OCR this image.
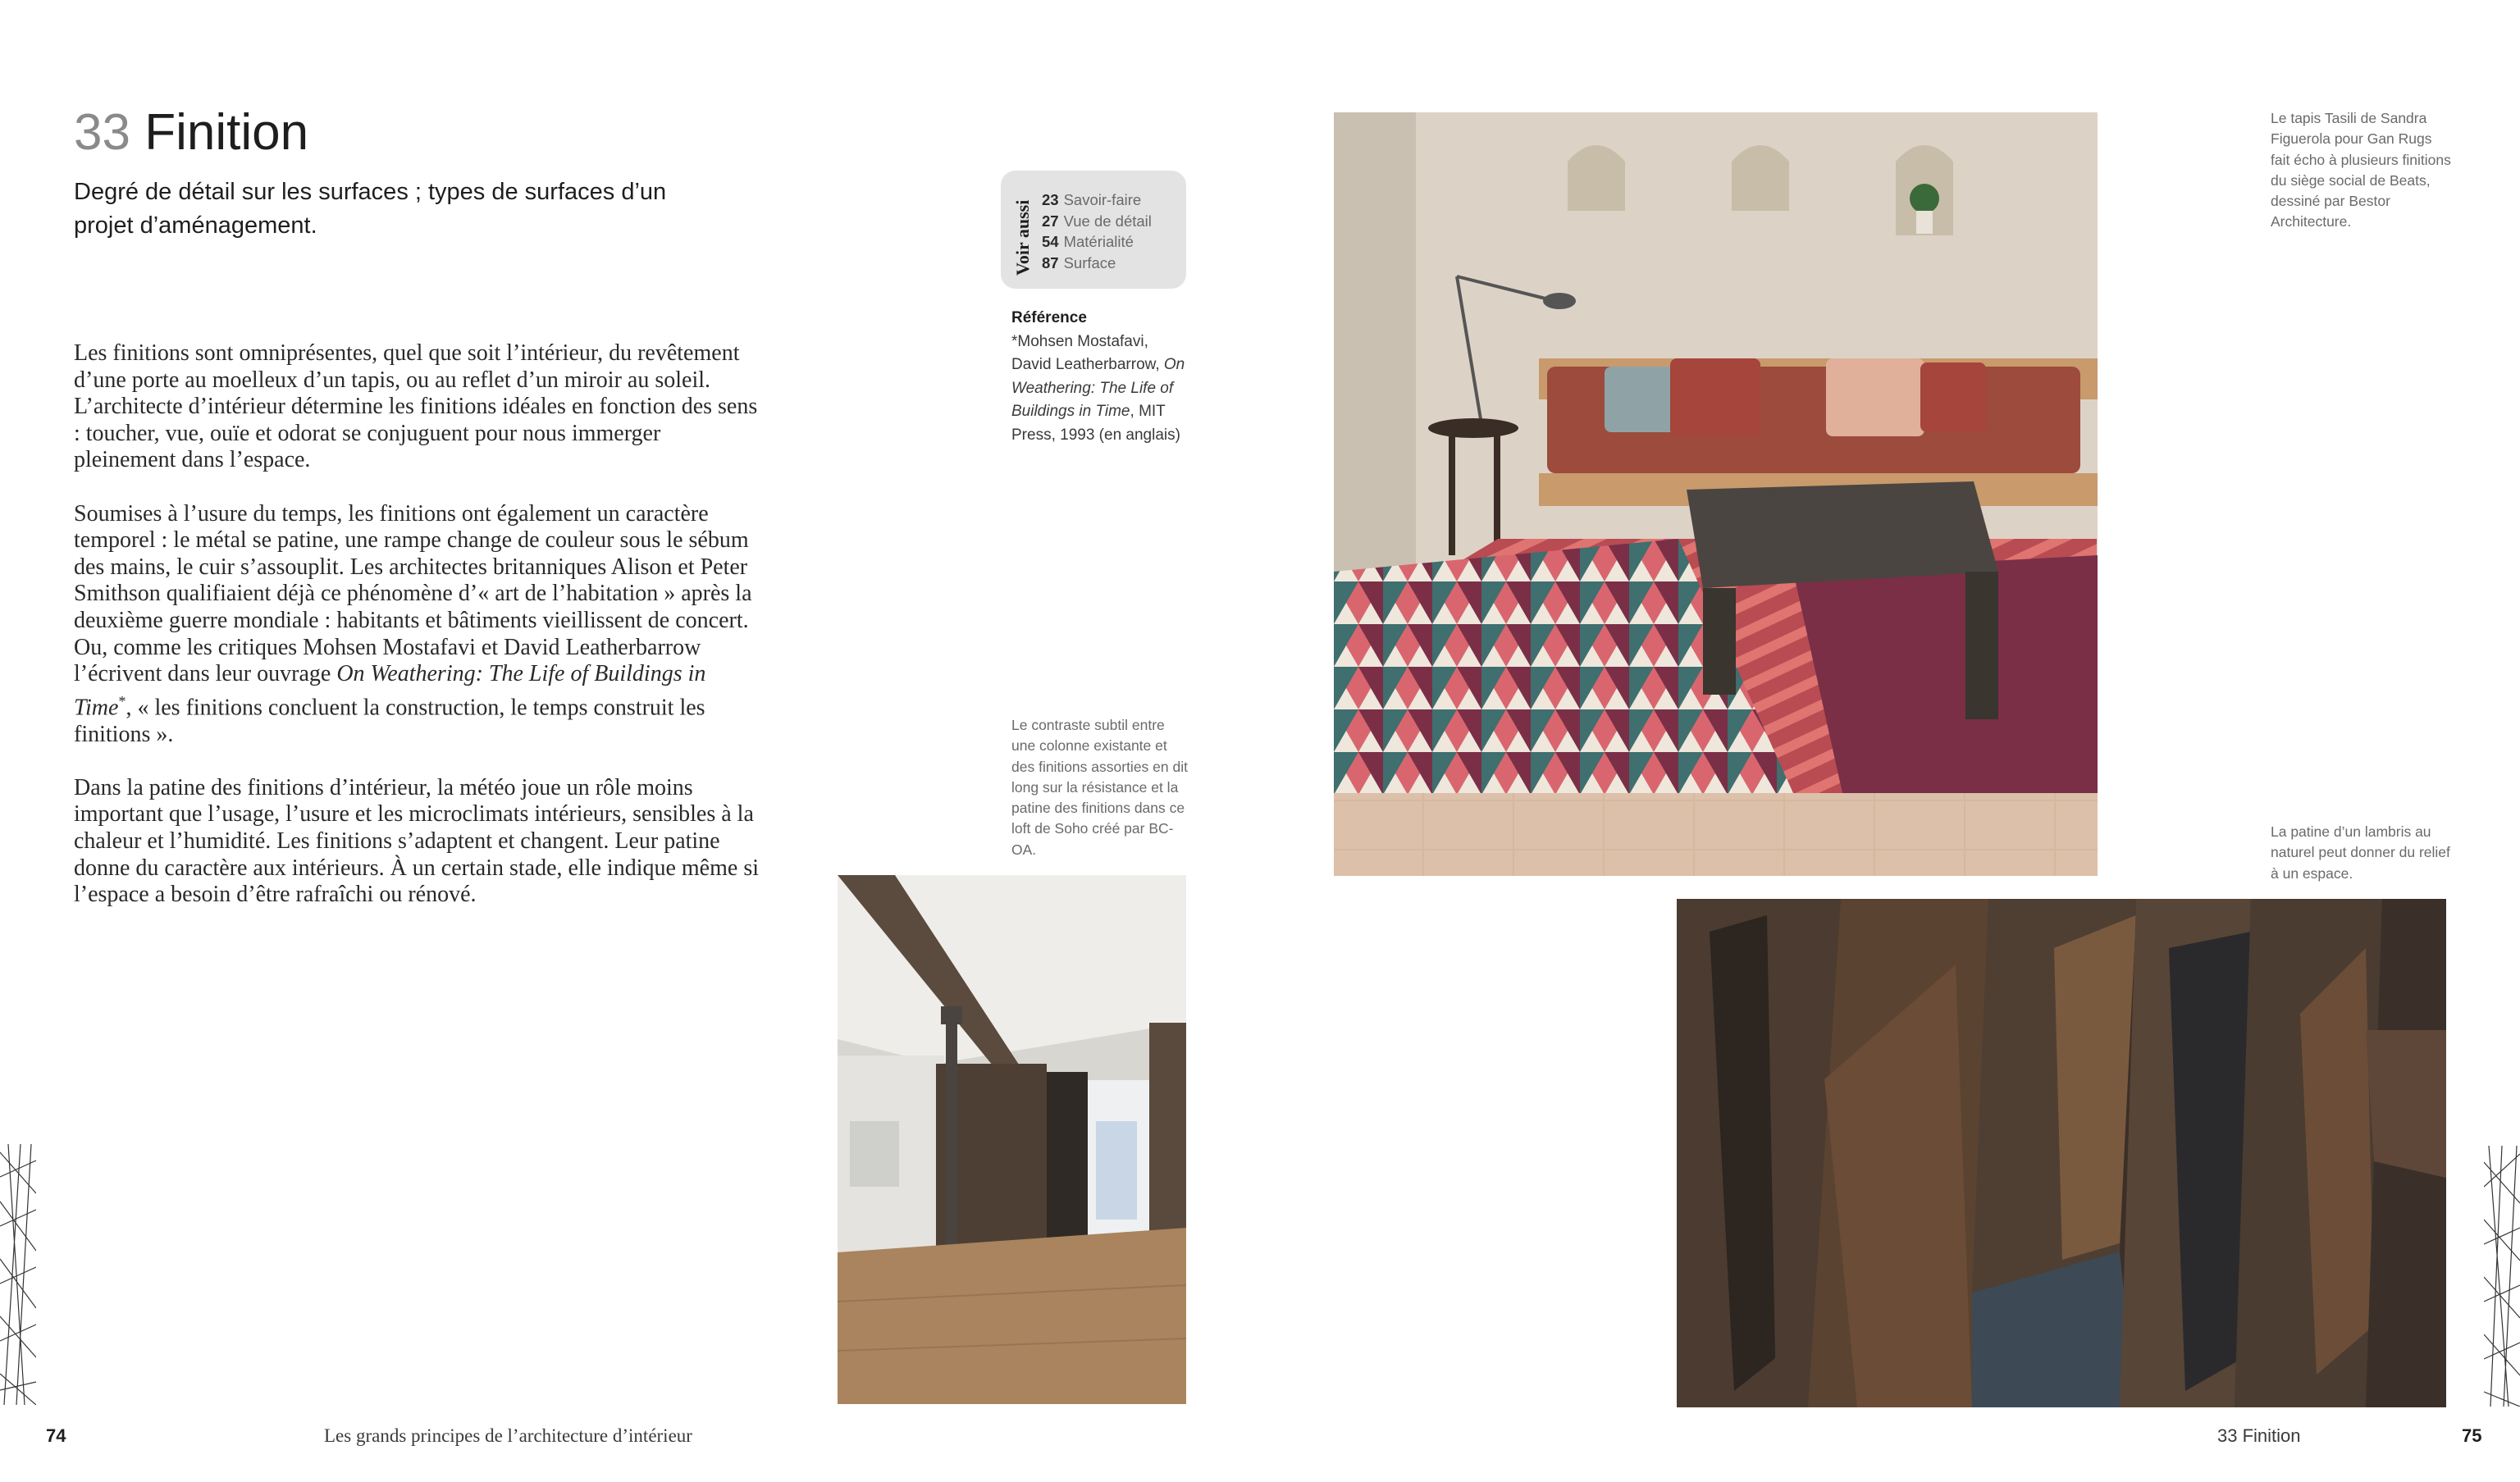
33 Finition
Degré de détail sur les surfaces ; types de surfaces d’un projet d’aménagement.

Les finitions sont omniprésentes, quel que soit l’intérieur, du revêtement d’une porte au moelleux d’un tapis, ou au reflet d’un miroir au soleil. L’architecte d’intérieur détermine les finitions idéales en fonction des sens : toucher, vue, ouïe et odorat se conjuguent pour nous immerger pleinement dans l’espace.

Soumises à l’usure du temps, les finitions ont également un caractère temporel : le métal se patine, une rampe change de couleur sous le sébum des mains, le cuir s’assouplit. Les architectes britanniques Alison et Peter Smithson qualifiaient déjà ce phénomène d’« art de l’habitation » après la deuxième guerre mondiale : habitants et bâtiments vieillissent de concert. Ou, comme les critiques Mohsen Mostafavi et David Leatherbarrow l’écrivent dans leur ouvrage On Weathering: The Life of Buildings in Time*, « les finitions concluent la construction, le temps construit les finitions ».

Dans la patine des finitions d’intérieur, la météo joue un rôle moins important que l’usage, l’usure et les microclimats intérieurs, sensibles à la chaleur et l’humidité. Les finitions s’adaptent et changent. Leur patine donne du caractère aux intérieurs. À un certain stade, elle indique même si l’espace a besoin d’être rafraîchi ou rénové.

Voir aussi
23 Savoir-faire
27 Vue de détail
54 Matérialité
87 Surface
Référence
*Mohsen Mostafavi, David Leatherbarrow, On Weathering: The Life of Buildings in Time, MIT Press, 1993 (en anglais)
Le contraste subtil entre une colonne existante et des finitions assorties en dit long sur la résistance et la patine des finitions dans ce loft de Soho créé par BC-OA.
Le tapis Tasili de Sandra Figuerola pour Gan Rugs fait écho à plusieurs finitions du siège social de Beats, dessiné par Bestor Architecture.
La patine d’un lambris au naturel peut donner du relief à un espace.
74	Les grands principes de l’architecture d’intérieur	33 Finition	75
